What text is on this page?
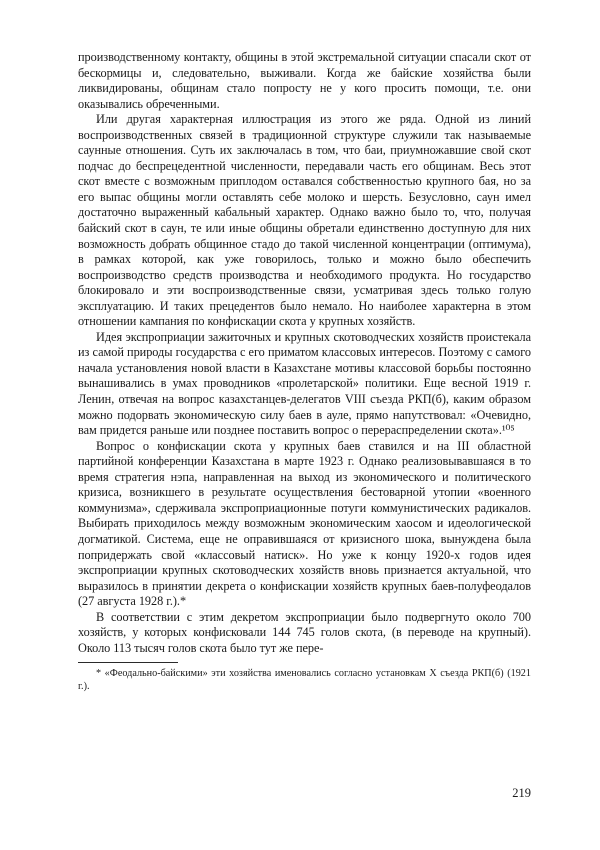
производственному контакту, общины в этой экстремальной ситуации спасали скот от бескормицы и, следовательно, выживали. Когда же байские хозяйства были ликвидированы, общинам стало попросту не у кого просить помощи, т.е. они оказывались обреченными.

Или другая характерная иллюстрация из этого же ряда. Одной из линий воспроизводственных связей в традиционной структуре служили так называемые саунные отношения. Суть их заключалась в том, что баи, приумножавшие свой скот подчас до беспрецедентной численности, передавали часть его общинам. Весь этот скот вместе с возможным приплодом оставался собственностью крупного бая, но за его выпас общины могли оставлять себе молоко и шерсть. Безусловно, саун имел достаточно выраженный кабальный характер. Однако важно было то, что, получая байский скот в саун, те или иные общины обретали единственно доступную для них возможность добрать общинное стадо до такой численной концентрации (оптимума), в рамках которой, как уже говорилось, только и можно было обеспечить воспроизводство средств производства и необходимого продукта. Но государство блокировало и эти воспроизводственные связи, усматривая здесь только голую эксплуатацию. И таких прецедентов было немало. Но наиболее характерна в этом отношении кампания по конфискации скота у крупных хозяйств.

Идея экспроприации зажиточных и крупных скотоводческих хозяйств проистекала из самой природы государства с его приматом классовых интересов. Поэтому с самого начала установления новой власти в Казахстане мотивы классовой борьбы постоянно вынашивались в умах проводников «пролетарской» политики. Еще весной 1919 г. Ленин, отвечая на вопрос казахстанцев-делегатов VIII съезда РКП(б), каким образом можно подорвать экономическую силу баев в ауле, прямо напутствовал: «Очевидно, вам придется раньше или позднее поставить вопрос о перераспределении скота».¹⁰⁵

Вопрос о конфискации скота у крупных баев ставился и на III областной партийной конференции Казахстана в марте 1923 г. Однако реализовывавшаяся в то время стратегия нэпа, направленная на выход из экономического и политического кризиса, возникшего в результате осуществления бестоварной утопии «военного коммунизма», сдерживала экспроприационные потуги коммунистических радикалов. Выбирать приходилось между возможным экономическим хаосом и идеологической догматикой. Система, еще не оправившаяся от кризисного шока, вынуждена была попридержать свой «классовый натиск». Но уже к концу 1920-х годов идея экспроприации крупных скотоводческих хозяйств вновь признается актуальной, что выразилось в принятии декрета о конфискации хозяйств крупных баев-полуфеодалов (27 августа 1928 г.).*

В соответствии с этим декретом экспроприации было подвергнуто около 700 хозяйств, у которых конфисковали 144 745 голов скота, (в переводе на крупный). Около 113 тысяч голов скота было тут же пере-

* «Феодально-байскими» эти хозяйства именовались согласно установкам X съезда РКП(б) (1921 г.).

219
